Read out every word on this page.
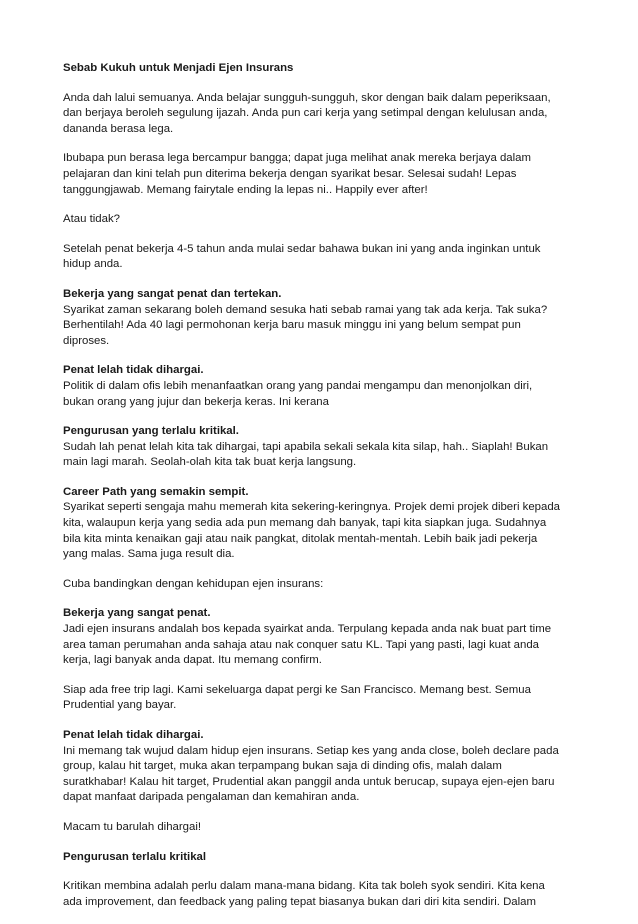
Sebab Kukuh untuk Menjadi Ejen Insurans

Anda dah lalui semuanya. Anda belajar sungguh-sungguh, skor dengan baik dalam peperiksaan,
dan berjaya beroleh segulung ijazah. Anda pun cari kerja yang setimpal dengan kelulusan anda,
dananda berasa lega.

Ibubapa pun berasa lega bercampur bangga; dapat juga melihat anak mereka berjaya dalam
pelajaran dan kini telah pun diterima bekerja dengan syarikat besar. Selesai sudah! Lepas
tanggungjawab. Memang fairytale ending la lepas ni.. Happily ever after!

Atau tidak?

Setelah penat bekerja 4-5 tahun anda mulai sedar bahawa bukan ini yang anda inginkan untuk
hidup anda.

Bekerja yang sangat penat dan tertekan.
Syarikat zaman sekarang boleh demand sesuka hati sebab ramai yang tak ada kerja. Tak suka?
Berhentilah! Ada 40 lagi permohonan kerja baru masuk minggu ini yang belum sempat pun
diproses.

Penat lelah tidak dihargai.
Politik di dalam ofis lebih menanfaatkan orang yang pandai mengampu dan menonjolkan diri,
bukan orang yang jujur dan bekerja keras. Ini kerana

Pengurusan yang terlalu kritikal.
Sudah lah penat lelah kita tak dihargai, tapi apabila sekali sekala kita silap, hah.. Siaplah! Bukan
main lagi marah. Seolah-olah kita tak buat kerja langsung.

Career Path yang semakin sempit.
Syarikat seperti sengaja mahu memerah kita sekering-keringnya. Projek demi projek diberi kepada
kita, walaupun kerja yang sedia ada pun memang dah banyak, tapi kita siapkan juga. Sudahnya
bila kita minta kenaikan gaji atau naik pangkat, ditolak mentah-mentah. Lebih baik jadi pekerja
yang malas. Sama juga result dia.

Cuba bandingkan dengan kehidupan ejen insurans:

Bekerja yang sangat penat.
Jadi ejen insurans andalah bos kepada syairkat anda. Terpulang kepada anda nak buat part time
area taman perumahan anda sahaja atau nak conquer satu KL. Tapi yang pasti, lagi kuat anda
kerja, lagi banyak anda dapat. Itu memang confirm.

Siap ada free trip lagi. Kami sekeluarga dapat pergi ke San Francisco. Memang best. Semua
Prudential yang bayar.

Penat lelah tidak dihargai.
Ini memang tak wujud dalam hidup ejen insurans. Setiap kes yang anda close, boleh declare pada
group, kalau hit target, muka akan terpampang bukan saja di dinding ofis, malah dalam
suratkhabar! Kalau hit target, Prudential akan panggil anda untuk berucap, supaya ejen-ejen baru
dapat manfaat daripada pengalaman dan kemahiran anda.

Macam tu barulah dihargai!

Pengurusan terlalu kritikal

Kritikan membina adalah perlu dalam mana-mana bidang. Kita tak boleh syok sendiri. Kita kena
ada improvement, dan feedback yang paling tepat biasanya bukan dari diri kita sendiri. Dalam
